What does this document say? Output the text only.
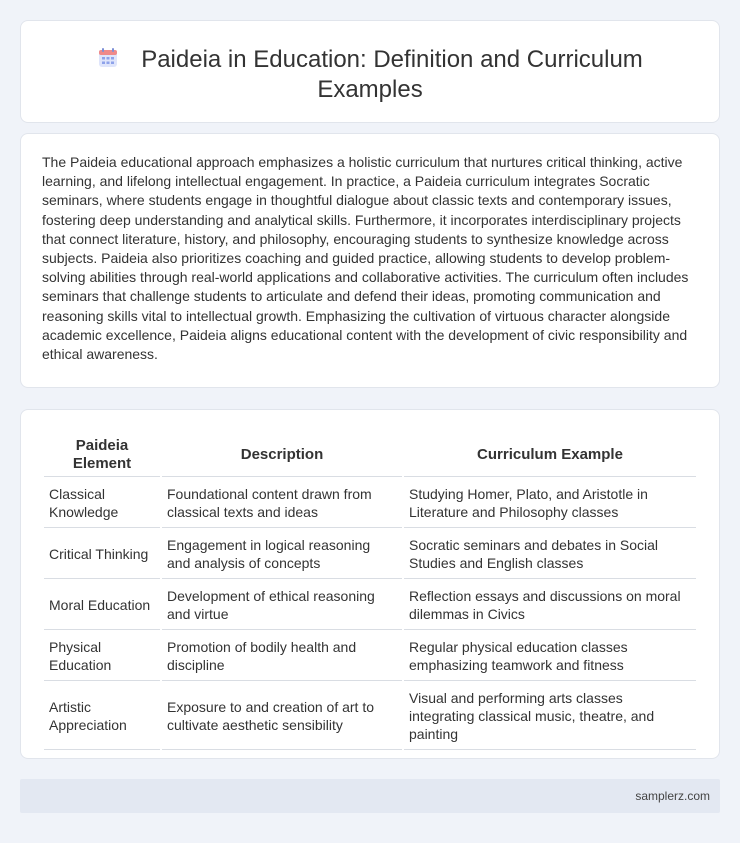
Paideia in Education: Definition and Curriculum Examples

The Paideia educational approach emphasizes a holistic curriculum that nurtures critical thinking, active learning, and lifelong intellectual engagement. In practice, a Paideia curriculum integrates Socratic seminars, where students engage in thoughtful dialogue about classic texts and contemporary issues, fostering deep understanding and analytical skills. Furthermore, it incorporates interdisciplinary projects that connect literature, history, and philosophy, encouraging students to synthesize knowledge across subjects. Paideia also prioritizes coaching and guided practice, allowing students to develop problem-solving abilities through real-world applications and collaborative activities. The curriculum often includes seminars that challenge students to articulate and defend their ideas, promoting communication and reasoning skills vital to intellectual growth. Emphasizing the cultivation of virtuous character alongside academic excellence, Paideia aligns educational content with the development of civic responsibility and ethical awareness.

Paideia Element	Description	Curriculum Example
Classical Knowledge	Foundational content drawn from classical texts and ideas	Studying Homer, Plato, and Aristotle in Literature and Philosophy classes
Critical Thinking	Engagement in logical reasoning and analysis of concepts	Socratic seminars and debates in Social Studies and English classes
Moral Education	Development of ethical reasoning and virtue	Reflection essays and discussions on moral dilemmas in Civics
Physical Education	Promotion of bodily health and discipline	Regular physical education classes emphasizing teamwork and fitness
Artistic Appreciation	Exposure to and creation of art to cultivate aesthetic sensibility	Visual and performing arts classes integrating classical music, theatre, and painting
samplerz.com
